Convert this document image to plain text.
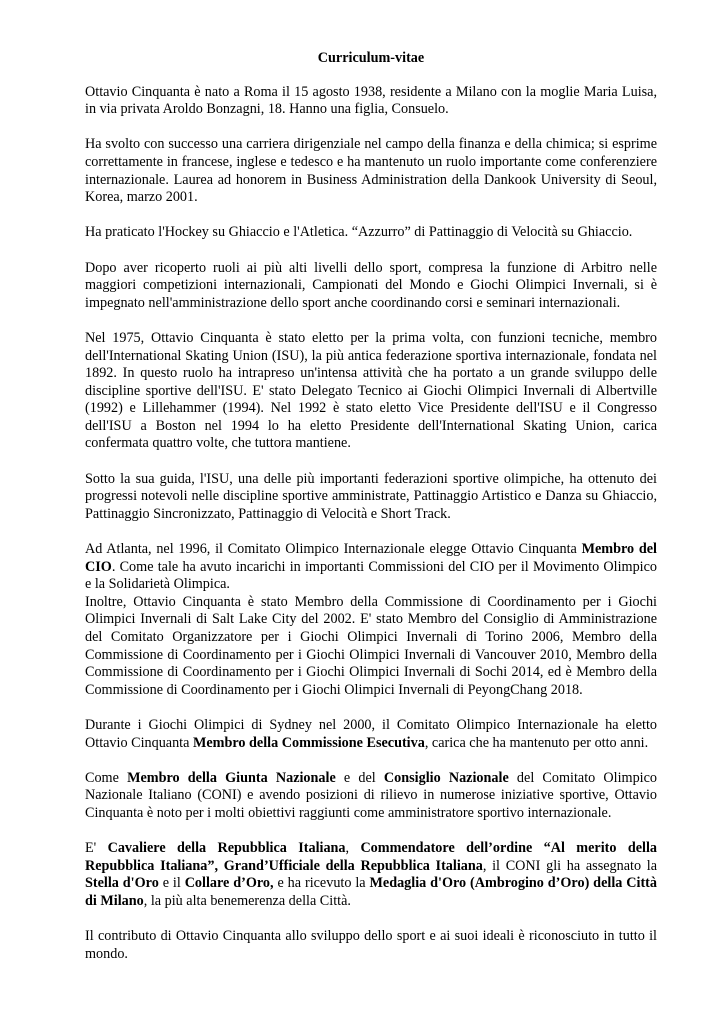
Curriculum-vitae

Ottavio Cinquanta è nato a Roma il 15 agosto 1938, residente a Milano con la moglie Maria Luisa, in via privata Aroldo Bonzagni, 18. Hanno una figlia, Consuelo.

Ha svolto con successo una carriera dirigenziale nel campo della finanza e della chimica; si esprime correttamente in francese, inglese e tedesco e ha mantenuto un ruolo importante come conferenziere internazionale. Laurea ad honorem in Business Administration della Dankook University di Seoul, Korea, marzo 2001.

Ha praticato l'Hockey su Ghiaccio e l'Atletica. “Azzurro” di Pattinaggio di Velocità su Ghiaccio.

Dopo aver ricoperto ruoli ai più alti livelli dello sport, compresa la funzione di Arbitro nelle maggiori competizioni internazionali, Campionati del Mondo e Giochi Olimpici Invernali, si è impegnato nell'amministrazione dello sport anche coordinando corsi e seminari internazionali.

Nel 1975, Ottavio Cinquanta è stato eletto per la prima volta, con funzioni tecniche, membro dell'International Skating Union (ISU), la più antica federazione sportiva internazionale, fondata nel 1892. In questo ruolo ha intrapreso un'intensa attività che ha portato a un grande sviluppo delle discipline sportive dell'ISU. E' stato Delegato Tecnico ai Giochi Olimpici Invernali di Albertville (1992) e Lillehammer (1994). Nel 1992 è stato eletto Vice Presidente dell'ISU e il Congresso dell'ISU a Boston nel 1994 lo ha eletto Presidente dell'International Skating Union, carica confermata quattro volte, che tuttora mantiene.

Sotto la sua guida, l'ISU, una delle più importanti federazioni sportive olimpiche, ha ottenuto dei progressi notevoli nelle discipline sportive amministrate, Pattinaggio Artistico e Danza su Ghiaccio, Pattinaggio Sincronizzato, Pattinaggio di Velocità e Short Track.

Ad Atlanta, nel 1996, il Comitato Olimpico Internazionale elegge Ottavio Cinquanta Membro del CIO. Come tale ha avuto incarichi in importanti Commissioni del CIO per il Movimento Olimpico e la Solidarietà Olimpica.

Inoltre, Ottavio Cinquanta è stato Membro della Commissione di Coordinamento per i Giochi Olimpici Invernali di Salt Lake City del 2002. E' stato Membro del Consiglio di Amministrazione del Comitato Organizzatore per i Giochi Olimpici Invernali di Torino 2006, Membro della Commissione di Coordinamento per i Giochi Olimpici Invernali di Vancouver 2010, Membro della Commissione di Coordinamento per i Giochi Olimpici Invernali di Sochi 2014, ed è Membro della Commissione di Coordinamento per i Giochi Olimpici Invernali di PeyongChang 2018.

Durante i Giochi Olimpici di Sydney nel 2000, il Comitato Olimpico Internazionale ha eletto Ottavio Cinquanta Membro della Commissione Esecutiva, carica che ha mantenuto per otto anni.

Come Membro della Giunta Nazionale e del Consiglio Nazionale del Comitato Olimpico Nazionale Italiano (CONI) e avendo posizioni di rilievo in numerose iniziative sportive, Ottavio Cinquanta è noto per i molti obiettivi raggiunti come amministratore sportivo internazionale.

E' Cavaliere della Repubblica Italiana, Commendatore dell’ordine “Al merito della Repubblica Italiana”, Grand’Ufficiale della Repubblica Italiana, il CONI gli ha assegnato la Stella d'Oro e il Collare d’Oro, e ha ricevuto la Medaglia d'Oro (Ambrogino d’Oro) della Città di Milano, la più alta benemerenza della Città.

Il contributo di Ottavio Cinquanta allo sviluppo dello sport e ai suoi ideali è riconosciuto in tutto il mondo.
